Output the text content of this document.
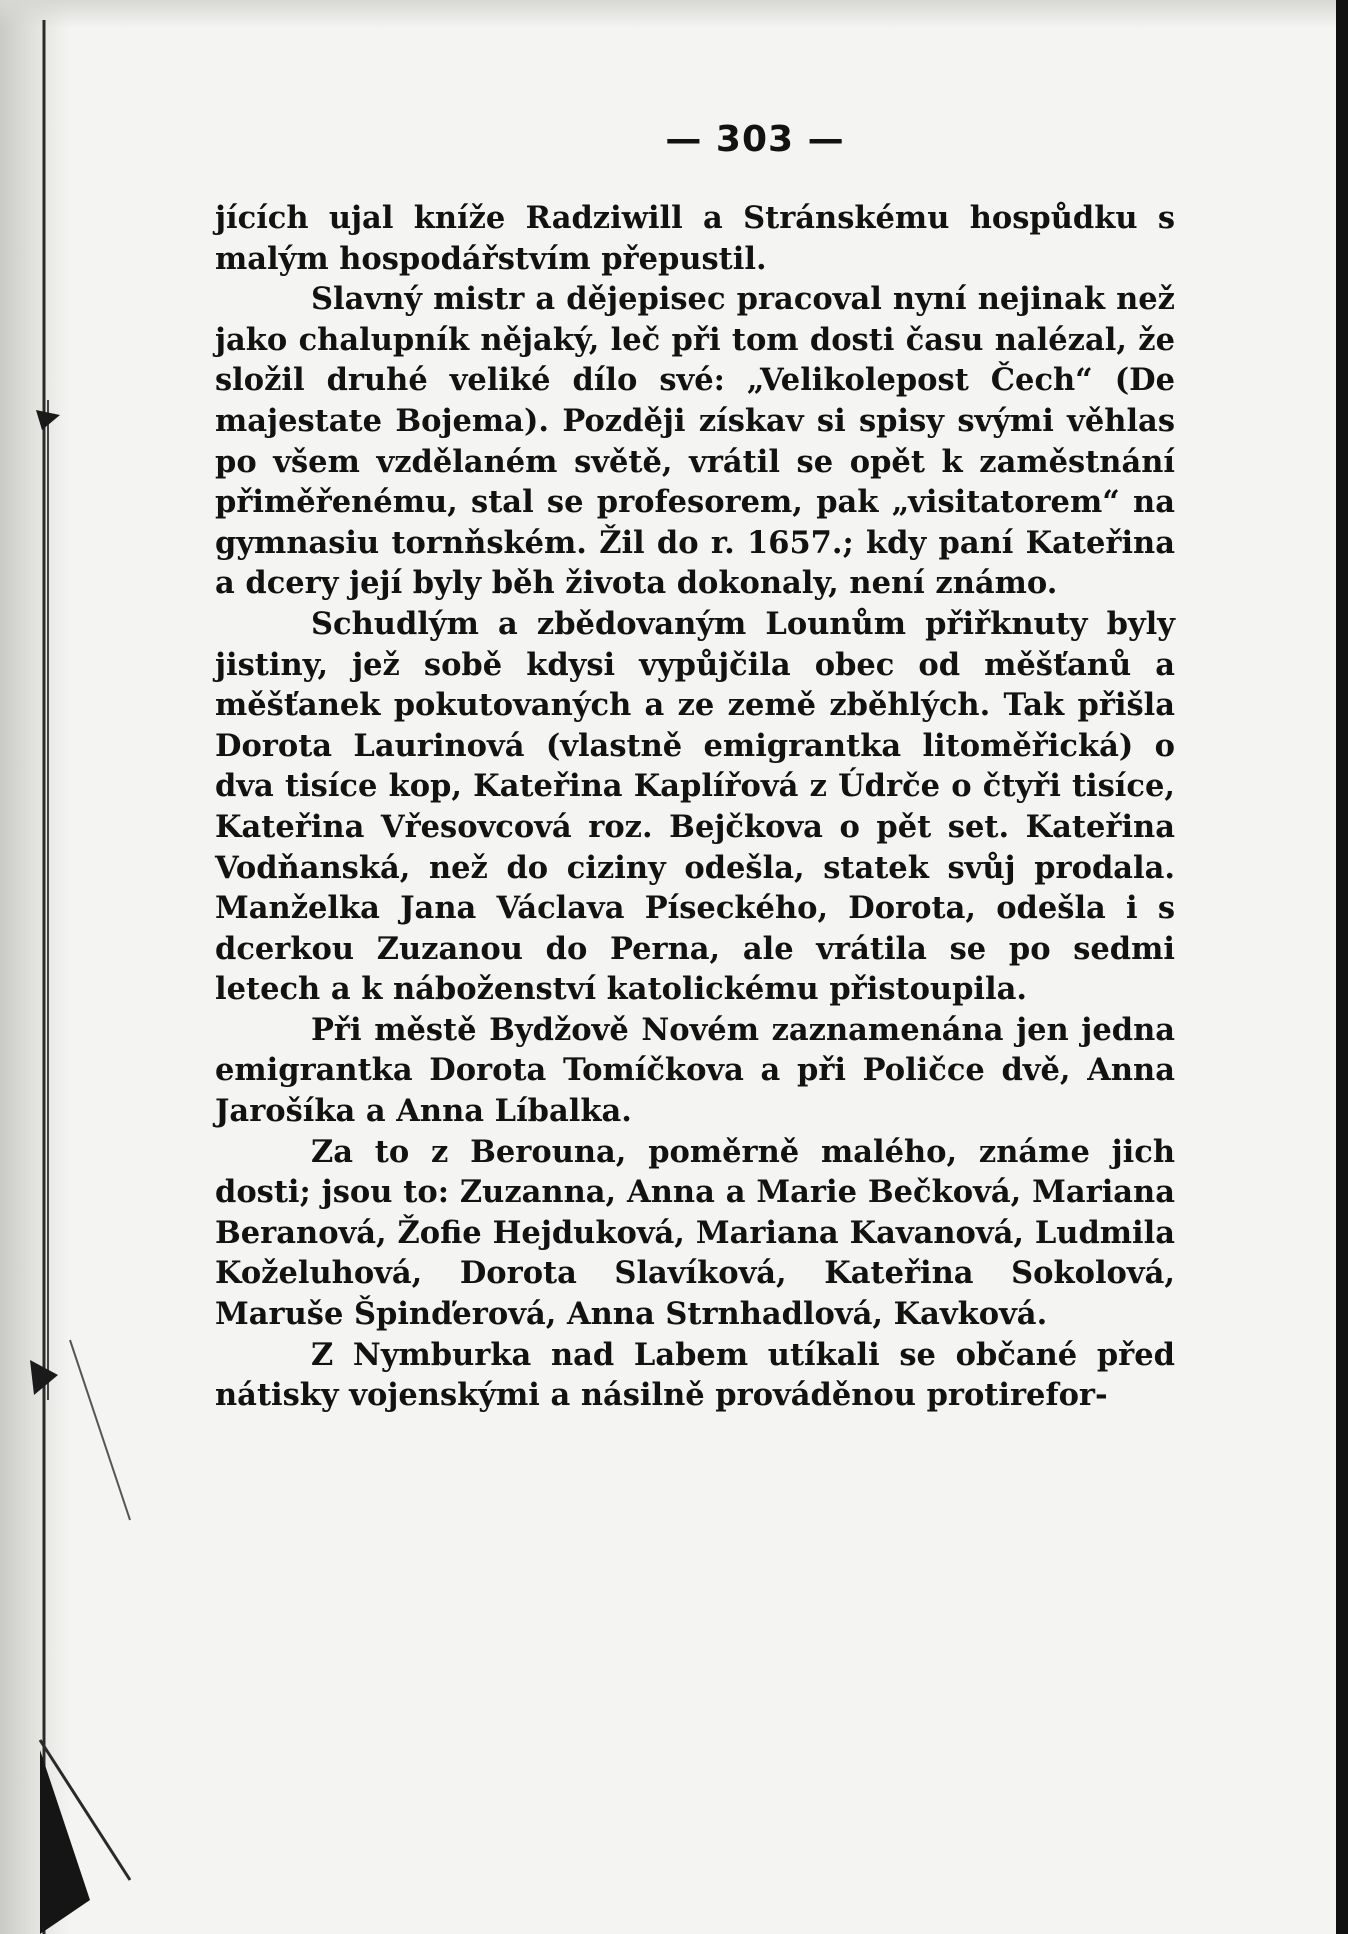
— 303 —

jících ujal kníže Radziwill a Stránskému hospůdku s malým hospodářstvím přepustil.

Slavný mistr a dějepisec pracoval nyní nejinak než jako chalupník nějaký, leč při tom dosti času nalézal, že složil druhé veliké dílo své: „Velikolepost Čech“ (De majestate Bojema). Později získav si spisy svými věhlas po všem vzdělaném světě, vrátil se opět k zaměstnání přiměřenému, stal se profesorem, pak „visitatorem“ na gymnasiu tornňském. Žil do r. 1657.; kdy paní Kateřina a dcery její byly běh života dokonaly, není známo.

Schudlým a zbědovaným Lounům přiřknuty byly jistiny, jež sobě kdysi vypůjčila obec od měšťanů a měšťanek pokutovaných a ze země zběhlých. Tak přišla Dorota Laurinová (vlastně emigrantka litoměřická) o dva tisíce kop, Kateřina Kaplířová z Údrče o čtyři tisíce, Kateřina Vřesovcová roz. Bejčkova o pět set. Kateřina Vodňanská, než do ciziny odešla, statek svůj prodala. Manželka Jana Václava Píseckého, Dorota, odešla i s dcerkou Zuzanou do Perna, ale vrátila se po sedmi letech a k náboženství katolickému přistoupila.

Při městě Bydžově Novém zaznamenána jen jedna emigrantka Dorota Tomíčkova a při Poličce dvě, Anna Jarošíka a Anna Líbalka.

Za to z Berouna, poměrně malého, známe jich dosti; jsou to: Zuzanna, Anna a Marie Bečková, Mariana Beranová, Žofie Hejduková, Mariana Kavanová, Ludmila Koželuhová, Dorota Slavíková, Kateřina Sokolová, Maruše Špinďerová, Anna Strnhadlová, Kavková.

Z Nymburka nad Labem utíkali se občané před nátisky vojenskými a násilně prováděnou protirefor-
